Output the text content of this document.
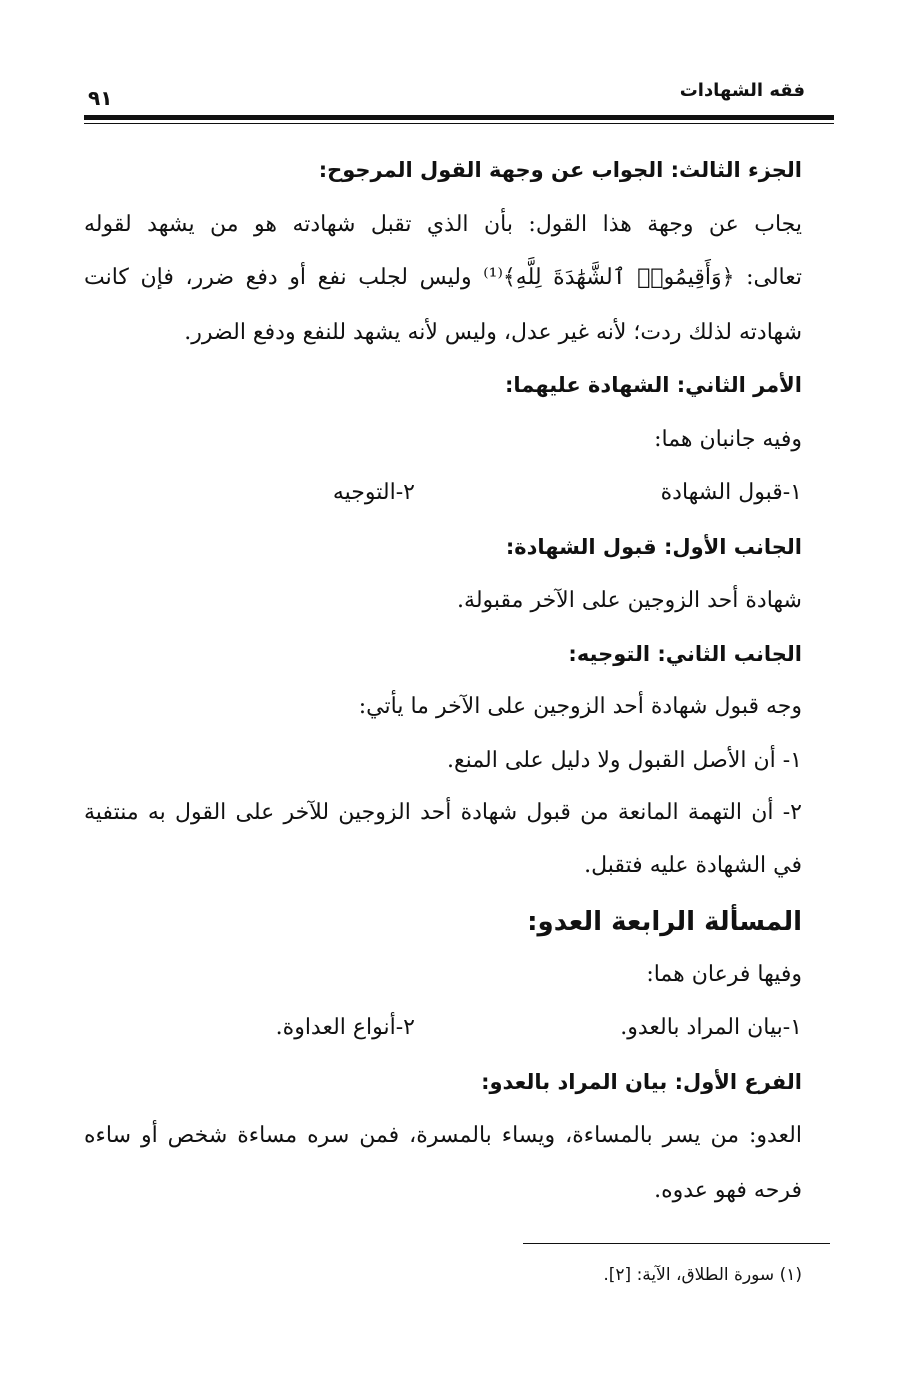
فقه الشهادات
٩١
الجزء الثالث: الجواب عن وجهة القول المرجوح:
يجاب عن وجهة هذا القول: بأن الذي تقبل شهادته هو من يشهد لقوله
تعالى: ﴿وَأَقِيمُوا۟ ٱلشَّهَٰدَةَ لِلَّهِ﴾⁽¹⁾ وليس لجلب نفع أو دفع ضرر، فإن كانت
شهادته لذلك ردت؛ لأنه غير عدل، وليس لأنه يشهد للنفع ودفع الضرر.
الأمر الثاني: الشهادة عليهما:
وفيه جانبان هما:
١-قبول الشهادة
٢-التوجيه
الجانب الأول: قبول الشهادة:
شهادة أحد الزوجين على الآخر مقبولة.
الجانب الثاني: التوجيه:
وجه قبول شهادة أحد الزوجين على الآخر ما يأتي:
١- أن الأصل القبول ولا دليل على المنع.
٢- أن التهمة المانعة من قبول شهادة أحد الزوجين للآخر على القول به منتفية
في الشهادة عليه فتقبل.
المسألة الرابعة العدو:
وفيها فرعان هما:
١-بيان المراد بالعدو.
٢-أنواع العداوة.
الفرع الأول: بيان المراد بالعدو:
العدو: من يسر بالمساءة، ويساء بالمسرة، فمن سره مساءة شخص أو ساءه
فرحه فهو عدوه.
(١) سورة الطلاق، الآية: [٢].
